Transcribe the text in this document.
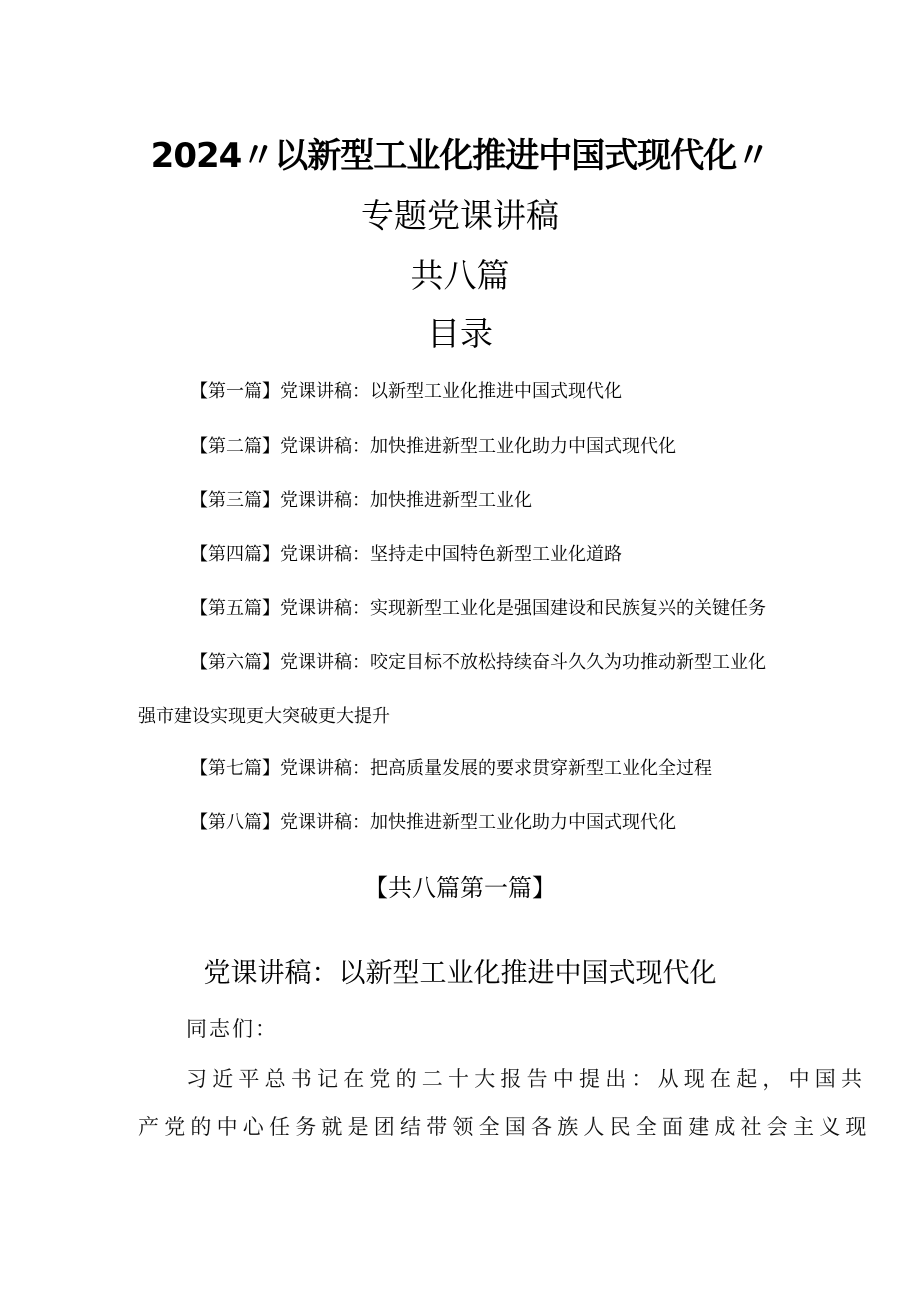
2024〃以新型工业化推进中国式现代化〃
专题党课讲稿
共八篇
目录
【第一篇】党课讲稿：以新型工业化推进中国式现代化
【第二篇】党课讲稿：加快推进新型工业化助力中国式现代化
【第三篇】党课讲稿：加快推进新型工业化
【第四篇】党课讲稿：坚持走中国特色新型工业化道路
【第五篇】党课讲稿：实现新型工业化是强国建设和民族复兴的关键任务
【第六篇】党课讲稿：咬定目标不放松持续奋斗久久为功推动新型工业化
强市建设实现更大突破更大提升
【第七篇】党课讲稿：把高质量发展的要求贯穿新型工业化全过程
【第八篇】党课讲稿：加快推进新型工业化助力中国式现代化
【共八篇第一篇】
党课讲稿：以新型工业化推进中国式现代化
同志们：
习近平总书记在党的二十大报告中提出：从现在起，中国共
产党的中心任务就是团结带领全国各族人民全面建成社会主义现
